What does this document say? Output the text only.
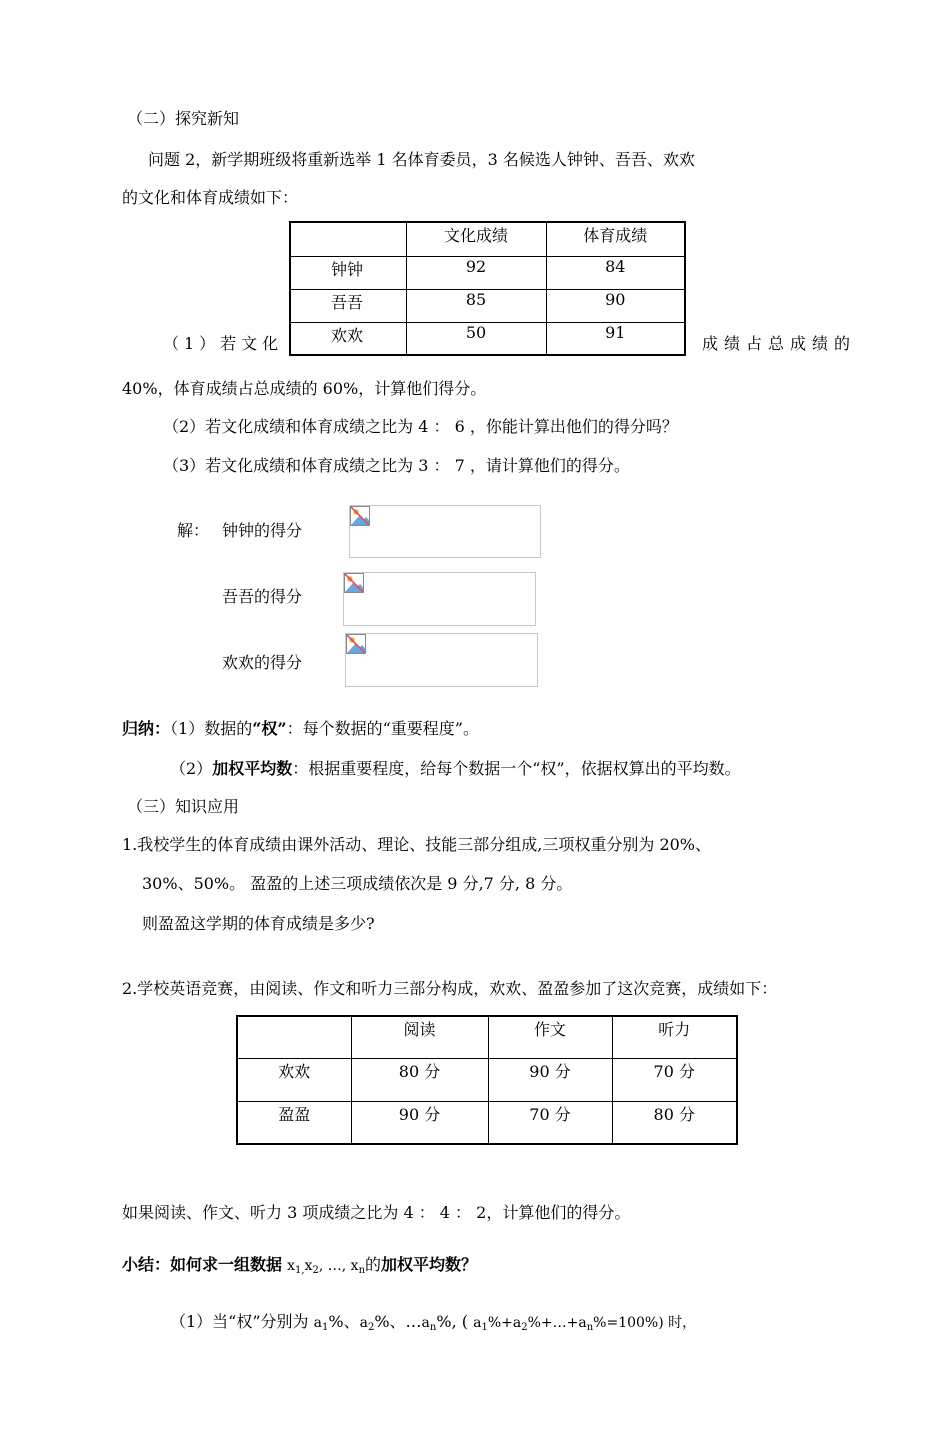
（二）探究新知
问题 2，新学期班级将重新选举 1 名体育委员，3 名候选人钟钟、吾吾、欢欢
的文化和体育成绩如下：
	文化成绩	体育成绩
钟钟	92	84
吾吾	85	90
欢欢	50	91
（1）若文化	成绩占总成绩的
40%，体育成绩占总成绩的 60%，计算他们得分。
（2）若文化成绩和体育成绩之比为 4 ： 6 ，你能计算出他们的得分吗？
（3）若文化成绩和体育成绩之比为 3 ： 7 ，请计算他们的得分。
解： 钟钟的得分
吾吾的得分
欢欢的得分
归纳：（1）数据的“权”：每个数据的“重要程度”。
（2）加权平均数：根据重要程度，给每个数据一个“权”，依据权算出的平均数。
（三）知识应用
1.我校学生的体育成绩由课外活动、理论、技能三部分组成,三项权重分别为 20%、
30%、50%。 盈盈的上述三项成绩依次是 9 分,7 分, 8 分。
则盈盈这学期的体育成绩是多少?
2.学校英语竞赛，由阅读、作文和听力三部分构成，欢欢、盈盈参加了这次竞赛，成绩如下：
	阅读	作文	听力
欢欢	80 分	90 分	70 分
盈盈	90 分	70 分	80 分
如果阅读、作文、听力 3 项成绩之比为 4 ： 4 ： 2，计算他们的得分。
小结：如何求一组数据 $x_{1,}x_2$, …, $x_n$的加权平均数？
（1）当“权”分别为 $a_1\%$、$a_2\%$、$\dots a_n\%$, ( $a_1\%+a_2\%+\dots+a_n\%=100\%$) 时，
